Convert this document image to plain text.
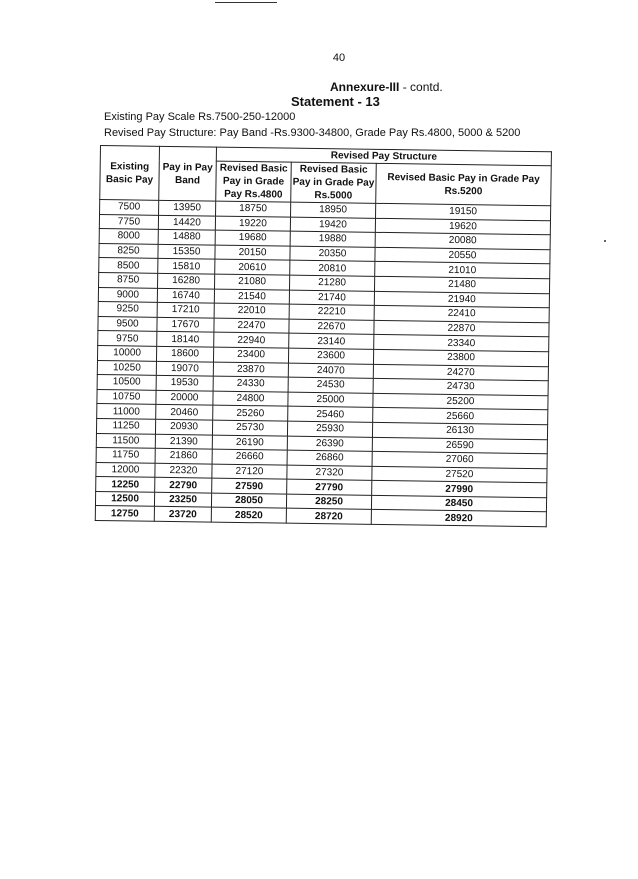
40
Annexure-III - contd.
Statement - 13
Existing Pay Scale Rs.7500-250-12000
Revised Pay Structure: Pay Band -Rs.9300-34800, Grade Pay Rs.4800, 5000 & 5200
Existing Basic Pay	Pay in Pay Band	Revised Pay Structure		
		Revised Basic Pay in Grade Pay Rs.4800	Revised Basic Pay in Grade Pay Rs.5000	Revised Basic Pay in Grade Pay Rs.5200
7500	13950	18750	18950	19150
7750	14420	19220	19420	19620
8000	14880	19680	19880	20080
8250	15350	20150	20350	20550
8500	15810	20610	20810	21010
8750	16280	21080	21280	21480
9000	16740	21540	21740	21940
9250	17210	22010	22210	22410
9500	17670	22470	22670	22870
9750	18140	22940	23140	23340
10000	18600	23400	23600	23800
10250	19070	23870	24070	24270
10500	19530	24330	24530	24730
10750	20000	24800	25000	25200
11000	20460	25260	25460	25660
11250	20930	25730	25930	26130
11500	21390	26190	26390	26590
11750	21860	26660	26860	27060
12000	22320	27120	27320	27520
12250	22790	27590	27790	27990
12500	23250	28050	28250	28450
12750	23720	28520	28720	28920
